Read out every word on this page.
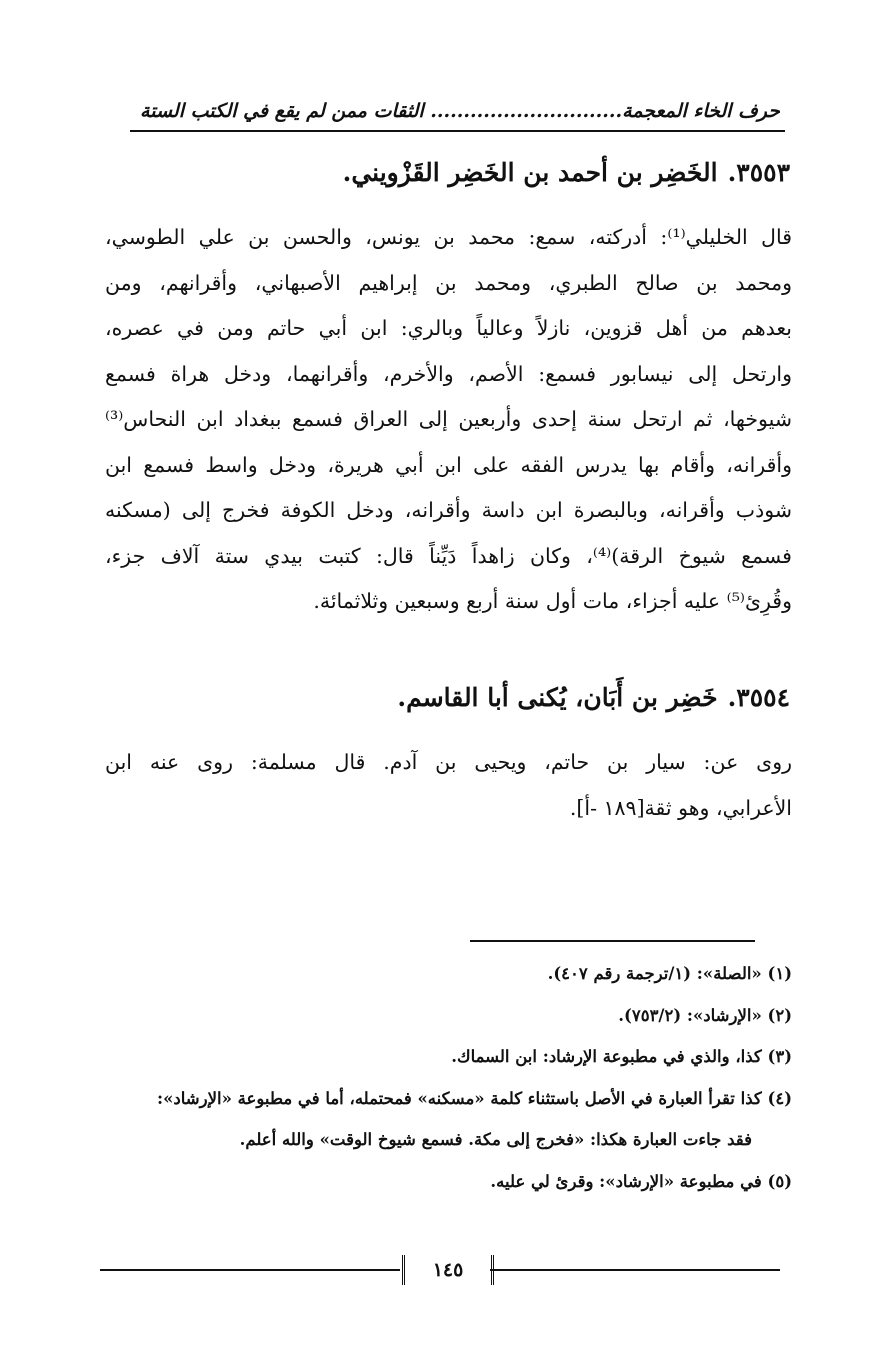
حرف الخاء المعجمة............................. الثقات ممن لم يقع في الكتب الستة
٣٥٥٣.الخَضِر بن أحمد بن الخَضِر القَزْويني.
قال الخليلي⁽¹⁾: أدركته، سمع: محمد بن يونس، والحسن بن علي الطوسي،
ومحمد بن صالح الطبري، ومحمد بن إبراهيم الأصبهاني، وأقرانهم، ومن
بعدهم من أهل قزوين، نازلاً وعالياً وبالري: ابن أبي حاتم ومن في عصره،
وارتحل إلى نيسابور فسمع: الأصم، والأخرم، وأقرانهما، ودخل هراة فسمع
شيوخها، ثم ارتحل سنة إحدى وأربعين إلى العراق فسمع ببغداد ابن النحاس⁽³⁾
وأقرانه، وأقام بها يدرس الفقه على ابن أبي هريرة، ودخل واسط فسمع ابن
شوذب وأقرانه، وبالبصرة ابن داسة وأقرانه، ودخل الكوفة فخرج إلى (مسكنه
فسمع شيوخ الرقة)⁽⁴⁾، وكان زاهداً دَيِّناً قال: كتبت بيدي ستة آلاف جزء،
وقُرِئ⁽⁵⁾ عليه أجزاء، مات أول سنة أربع وسبعين وثلاثمائة.
٣٥٥٤.خَضِر بن أَبَان، يُكنى أبا القاسم.
روى عن: سيار بن حاتم، ويحيى بن آدم. قال مسلمة: روى عنه ابن
الأعرابي، وهو ثقة[١٨٩ -أ].
(١) «الصلة»: (١/ترجمة رقم ٤٠٧).
(٢) «الإرشاد»: (٧٥٣/٢).
(٣) كذا، والذي في مطبوعة الإرشاد: ابن السماك.
(٤) كذا تقرأ العبارة في الأصل باستثناء كلمة «مسكنه» فمحتمله، أما في مطبوعة «الإرشاد»:
فقد جاءت العبارة هكذا: «فخرج إلى مكة. فسمع شيوخ الوقت» والله أعلم.
(٥) في مطبوعة «الإرشاد»: وقرئ لي عليه.
١٤٥
